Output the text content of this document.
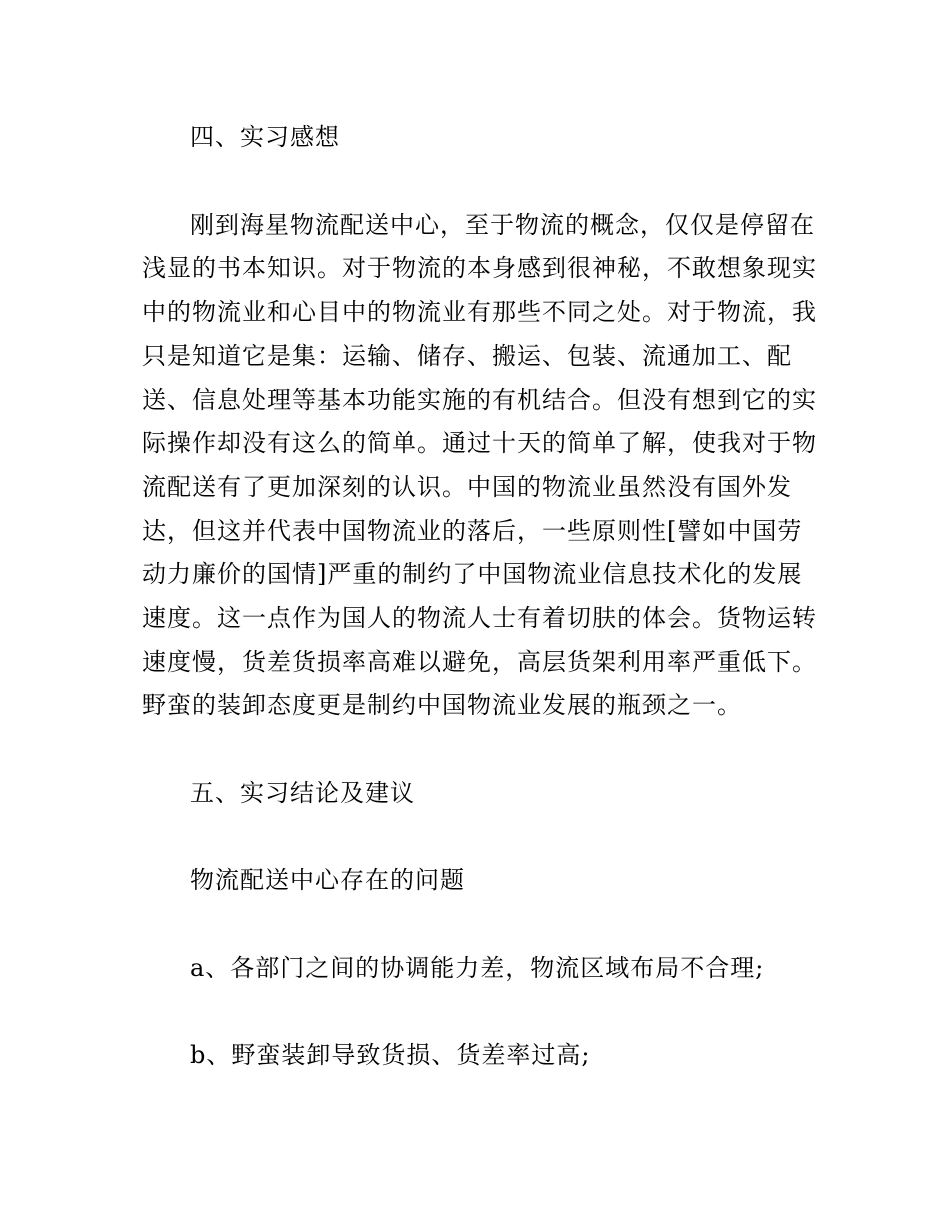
四、实习感想
刚到海星物流配送中心，至于物流的概念，仅仅是停留在
浅显的书本知识。对于物流的本身感到很神秘，不敢想象现实
中的物流业和心目中的物流业有那些不同之处。对于物流，我
只是知道它是集：运输、储存、搬运、包装、流通加工、配
送、信息处理等基本功能实施的有机结合。但没有想到它的实
际操作却没有这么的简单。通过十天的简单了解，使我对于物
流配送有了更加深刻的认识。中国的物流业虽然没有国外发
达，但这并代表中国物流业的落后，一些原则性[譬如中国劳
动力廉价的国情]严重的制约了中国物流业信息技术化的发展
速度。这一点作为国人的物流人士有着切肤的体会。货物运转
速度慢，货差货损率高难以避免，高层货架利用率严重低下。
野蛮的装卸态度更是制约中国物流业发展的瓶颈之一。
五、实习结论及建议
物流配送中心存在的问题
a、各部门之间的协调能力差，物流区域布局不合理;
b、野蛮装卸导致货损、货差率过高;
